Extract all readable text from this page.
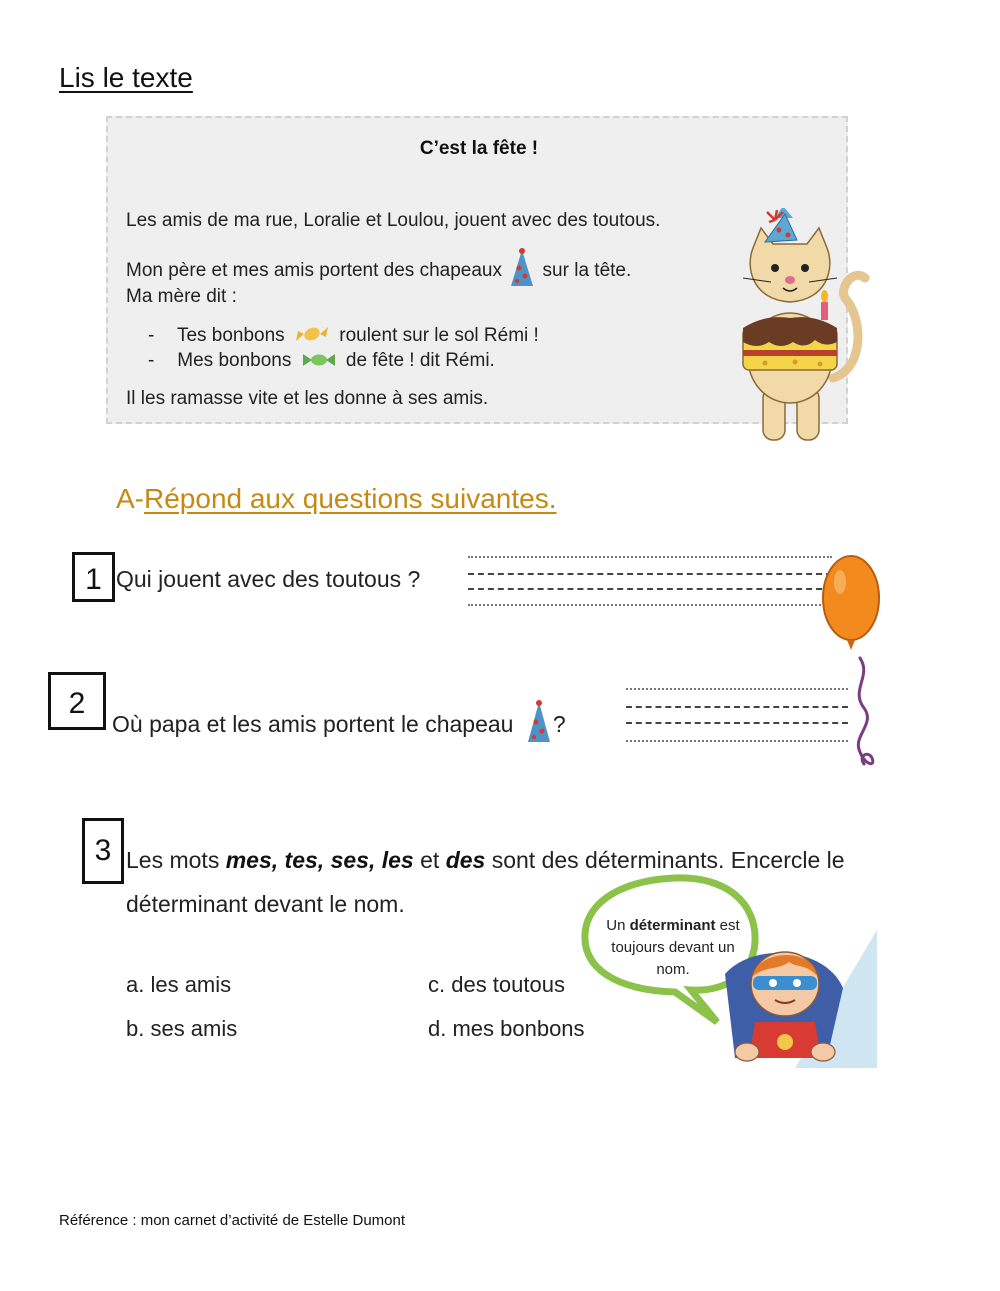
Lis le texte
C’est la fête !
Les amis de ma rue, Loralie et Loulou, jouent avec des toutous.
Mon père et mes amis portent des chapeaux sur la tête.
Ma mère dit :
- Tes bonbons	roulent sur le sol Rémi !
- Mes bonbons	de fête ! dit Rémi.
Il les ramasse vite et les donne à ses amis.
A-Répond aux questions suivantes.
1 Qui jouent avec des toutous ?
2
Où papa et les amis portent le chapeau ?
3 Les mots mes, tes, ses, les et des sont des déterminants. Encercle le déterminant devant le nom.
a. les amis
b. ses amis
c. des toutous
d. mes bonbons
Un déterminant est toujours devant un nom.
Référence : mon carnet d’activité de Estelle Dumont
